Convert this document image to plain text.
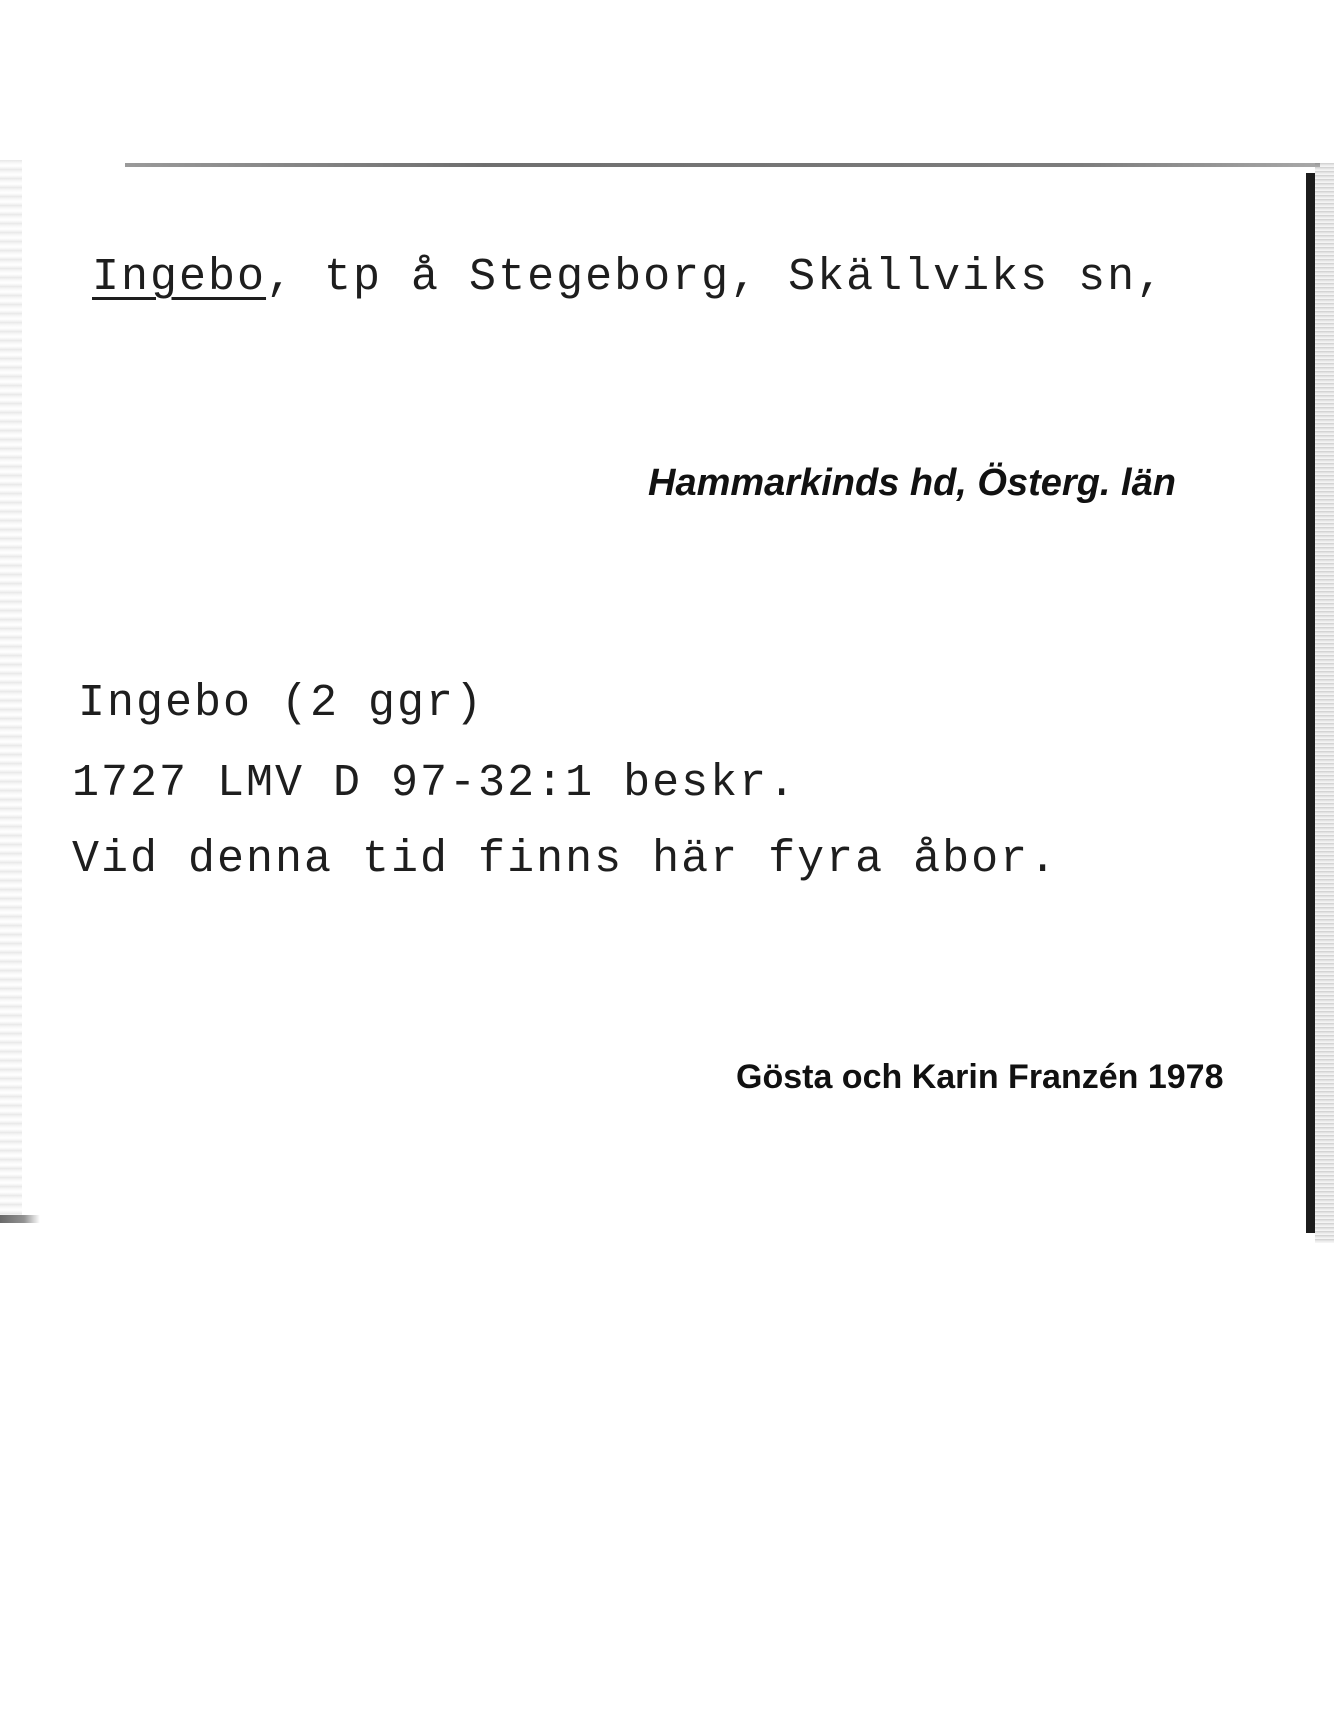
Ingebo, tp å Stegeborg, Skällviks sn,
Hammarkinds hd, Österg. län
Ingebo (2 ggr)
1727 LMV D 97-32:1 beskr.
Vid denna tid finns här fyra åbor.
Gösta och Karin Franzén 1978
